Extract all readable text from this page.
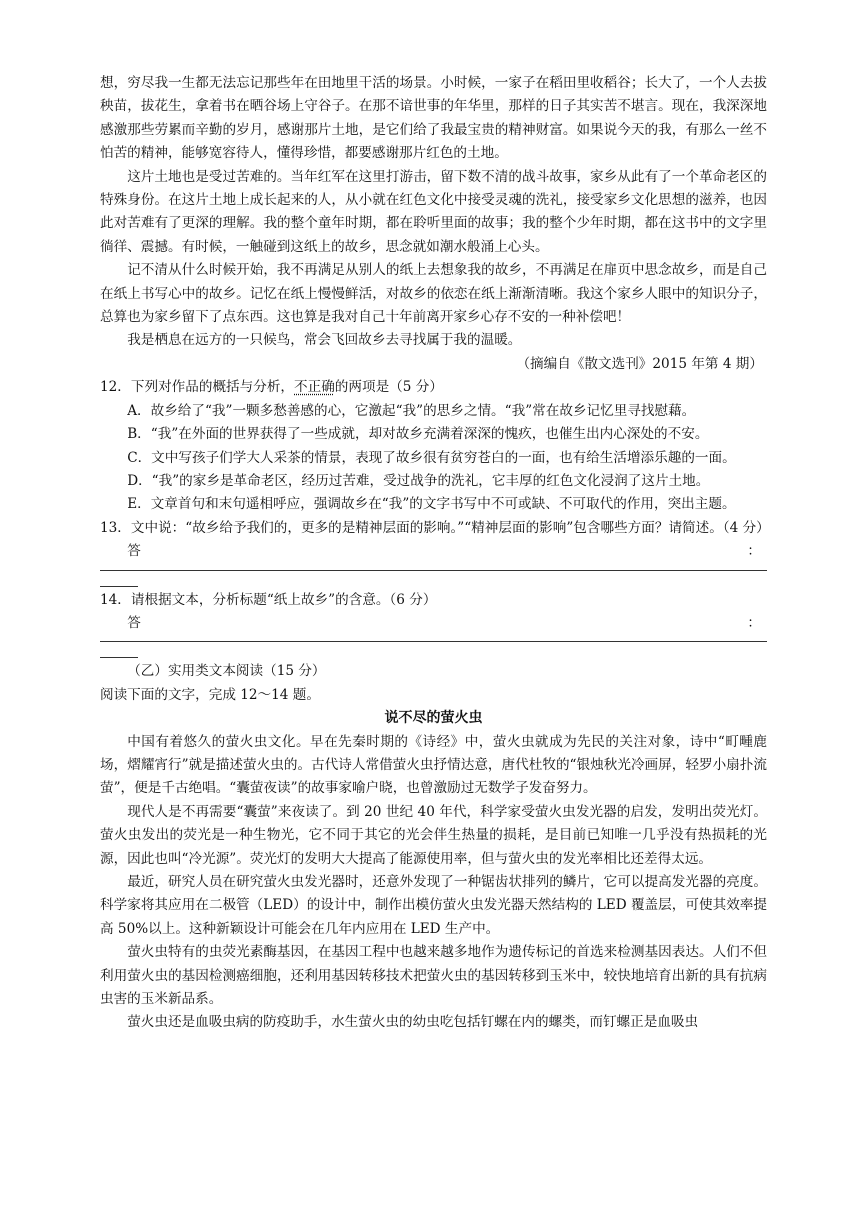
想，穷尽我一生都无法忘记那些年在田地里干活的场景。小时候，一家子在稻田里收稻谷；长大了，一个人去拔秧苗，拔花生，拿着书在晒谷场上守谷子。在那不谙世事的年华里，那样的日子其实苦不堪言。现在，我深深地感激那些劳累而辛勤的岁月，感谢那片土地，是它们给了我最宝贵的精神财富。如果说今天的我，有那么一丝不怕苦的精神，能够宽容待人，懂得珍惜，都要感谢那片红色的土地。

这片土地也是受过苦难的。当年红军在这里打游击，留下数不清的战斗故事，家乡从此有了一个革命老区的特殊身份。在这片土地上成长起来的人，从小就在红色文化中接受灵魂的洗礼，接受家乡文化思想的滋养，也因此对苦难有了更深的理解。我的整个童年时期，都在聆听里面的故事；我的整个少年时期，都在这书中的文字里徜徉、震撼。有时候，一触碰到这纸上的故乡，思念就如潮水般涌上心头。

记不清从什么时候开始，我不再满足从别人的纸上去想象我的故乡，不再满足在扉页中思念故乡，而是自己在纸上书写心中的故乡。记忆在纸上慢慢鲜活，对故乡的依恋在纸上渐渐清晰。我这个家乡人眼中的知识分子，总算也为家乡留下了点东西。这也算是我对自己十年前离开家乡心存不安的一种补偿吧！

我是栖息在远方的一只候鸟，常会飞回故乡去寻找属于我的温暖。

（摘编自《散文选刊》2015 年第 4 期）

12．下列对作品的概括与分析，不正确的两项是（5 分）

A．故乡给了“我”一颗多愁善感的心，它激起“我”的思乡之情。“我”常在故乡记忆里寻找慰藉。

B．“我”在外面的世界获得了一些成就，却对故乡充满着深深的愧疚，也催生出内心深处的不安。

C．文中写孩子们学大人采茶的情景，表现了故乡很有贫穷苍白的一面，也有给生活增添乐趣的一面。

D．“我”的家乡是革命老区，经历过苦难，受过战争的洗礼，它丰厚的红色文化浸润了这片土地。

E．文章首句和末句遥相呼应，强调故乡在“我”的文字书写中不可或缺、不可取代的作用，突出主题。

13．文中说：“故乡给予我们的，更多的是精神层面的影响。”“精神层面的影响”包含哪些方面？请简述。（4 分）

答	：

14．请根据文本，分析标题“纸上故乡”的含意。（6 分）

答	：

（乙）实用类文本阅读（15 分）

阅读下面的文字，完成 12～14 题。

说不尽的萤火虫

中国有着悠久的萤火虫文化。早在先秦时期的《诗经》中，萤火虫就成为先民的关注对象，诗中“町畽鹿场，熠耀宵行”就是描述萤火虫的。古代诗人常借萤火虫抒情达意，唐代杜牧的“银烛秋光冷画屏，轻罗小扇扑流萤”，便是千古绝唱。“囊萤夜读”的故事家喻户晓，也曾激励过无数学子发奋努力。

现代人是不再需要“囊萤”来夜读了。到 20 世纪 40 年代，科学家受萤火虫发光器的启发，发明出荧光灯。萤火虫发出的荧光是一种生物光，它不同于其它的光会伴生热量的损耗，是目前已知唯一几乎没有热损耗的光源，因此也叫“冷光源”。荧光灯的发明大大提高了能源使用率，但与萤火虫的发光率相比还差得太远。

最近，研究人员在研究萤火虫发光器时，还意外发现了一种锯齿状排列的鳞片，它可以提高发光器的亮度。科学家将其应用在二极管（LED）的设计中，制作出模仿萤火虫发光器天然结构的 LED 覆盖层，可使其效率提高 50%以上。这种新颖设计可能会在几年内应用在 LED 生产中。

萤火虫特有的虫荧光素酶基因，在基因工程中也越来越多地作为遗传标记的首选来检测基因表达。人们不但利用萤火虫的基因检测癌细胞，还利用基因转移技术把萤火虫的基因转移到玉米中，较快地培育出新的具有抗病虫害的玉米新品系。

萤火虫还是血吸虫病的防疫助手，水生萤火虫的幼虫吃包括钉螺在内的螺类，而钉螺正是血吸虫
